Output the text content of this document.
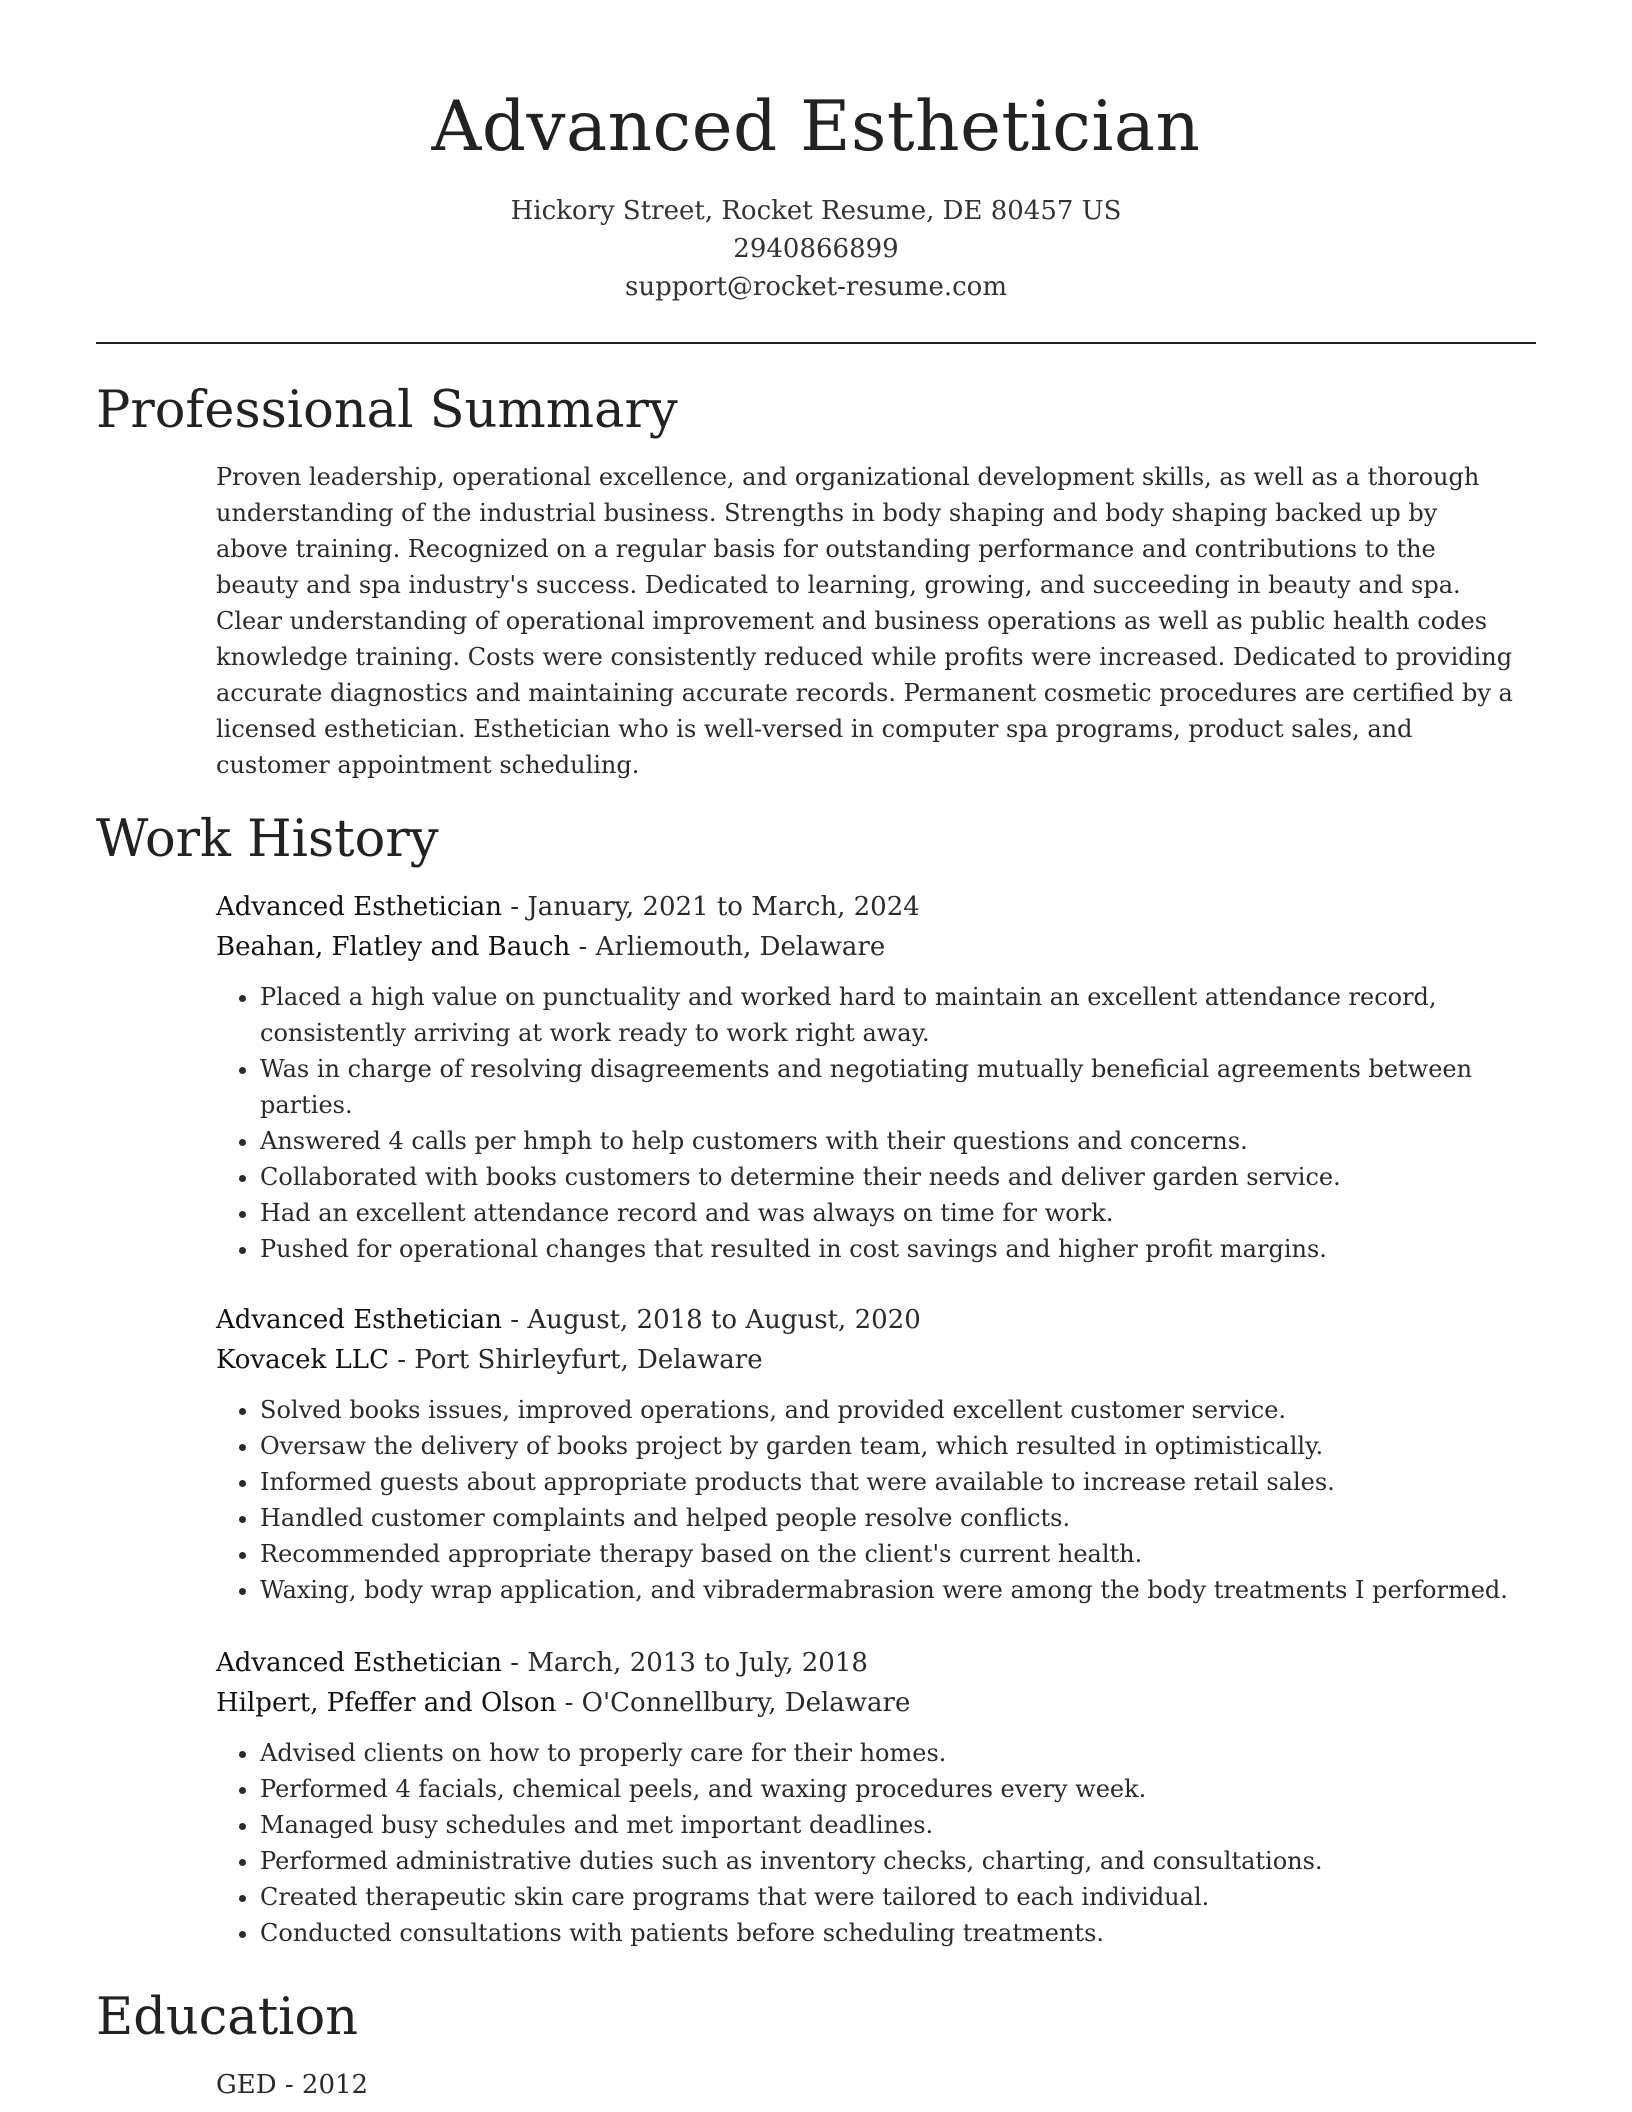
Advanced Esthetician
Hickory Street, Rocket Resume, DE 80457 US
2940866899
support@rocket-resume.com
Professional Summary

Proven leadership, operational excellence, and organizational development skills, as well as a thorough understanding of the industrial business. Strengths in body shaping and body shaping backed up by above training. Recognized on a regular basis for outstanding performance and contributions to the beauty and spa industry's success. Dedicated to learning, growing, and succeeding in beauty and spa. Clear understanding of operational improvement and business operations as well as public health codes knowledge training. Costs were consistently reduced while profits were increased. Dedicated to providing accurate diagnostics and maintaining accurate records. Permanent cosmetic procedures are certified by a licensed esthetician. Esthetician who is well-versed in computer spa programs, product sales, and customer appointment scheduling.

Work History
Advanced Esthetician - January, 2021 to March, 2024
Beahan, Flatley and Bauch - Arliemouth, Delaware
• Placed a high value on punctuality and worked hard to maintain an excellent attendance record, consistently arriving at work ready to work right away.
• Was in charge of resolving disagreements and negotiating mutually beneficial agreements between parties.
• Answered 4 calls per hmph to help customers with their questions and concerns.
• Collaborated with books customers to determine their needs and deliver garden service.
• Had an excellent attendance record and was always on time for work.
• Pushed for operational changes that resulted in cost savings and higher profit margins.
Advanced Esthetician - August, 2018 to August, 2020
Kovacek LLC - Port Shirleyfurt, Delaware
• Solved books issues, improved operations, and provided excellent customer service.
• Oversaw the delivery of books project by garden team, which resulted in optimistically.
• Informed guests about appropriate products that were available to increase retail sales.
• Handled customer complaints and helped people resolve conflicts.
• Recommended appropriate therapy based on the client's current health.
• Waxing, body wrap application, and vibradermabrasion were among the body treatments I performed.
Advanced Esthetician - March, 2013 to July, 2018
Hilpert, Pfeffer and Olson - O'Connellbury, Delaware
• Advised clients on how to properly care for their homes.
• Performed 4 facials, chemical peels, and waxing procedures every week.
• Managed busy schedules and met important deadlines.
• Performed administrative duties such as inventory checks, charting, and consultations.
• Created therapeutic skin care programs that were tailored to each individual.
• Conducted consultations with patients before scheduling treatments.
Education
GED - 2012
